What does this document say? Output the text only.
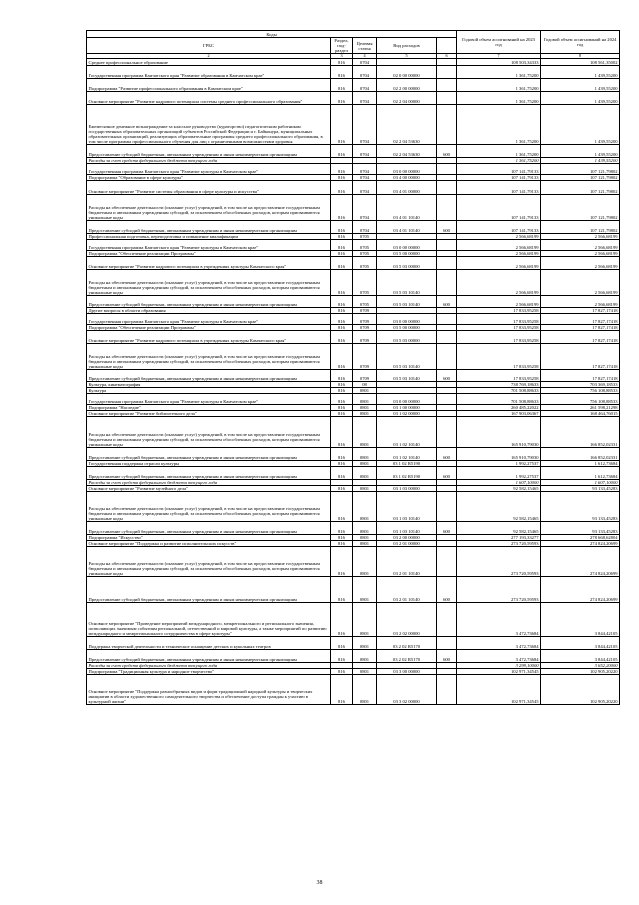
	Коды					Годовой объем ассигнований на 2023 год	Годовой объем ассигнований на 2024 год
ГРБС	Раздел, под-раздел	Целевая статья	Вид расходов			
	2	3	4	5	6	7	8
	Среднее профессиональное образование	816	0704			108 503,34333	108 561,35002
	Государственная программа Камчатского края "Развитие образования в Камчатском крае"	816	0704	02 0 00 00000		1 361,75200	1 439,55200
	Подпрограмма "Развитие профессионального образования в Камчатском крае"	816	0704	02 2 00 00000		1 361,75200	1 439,55200
	Основное мероприятие "Развитие кадрового потенциала системы среднего профессионального образования"	816	0704	02 2 04 00000		1 361,75200	1 439,55200
	Ежемесячное денежное вознаграждение за классное руководство (кураторство) педагогическим работникам государственных образовательных организаций субъектов Российской Федерации и г. Байконура, муниципальных образовательных организаций, реализующих образовательные программы среднего профессионального образования, в том числе программы профессионального обучения для лиц с ограниченными возможностями здоровья	816	0704	02 2 04 53630		1 361,75200	1 439,55200
	Предоставление субсидий бюджетным, автономным учреждениям и иным некоммерческим организациям	816	0704	02 2 04 53630	600	1 361,75200	1 439,55200
	Расходы за счет средств федерального бюджета текущего года					1 361,75200	1 439,55200
	Государственная программа Камчатского края "Развитие культуры в Камчатском крае"	816	0704	03 0 00 00000		107 141,79133	107 121,79802
	Подпрограмма "Образование в сфере культуры"	816	0704	03 4 00 00000		107 141,79133	107 121,79802
	Основное мероприятие "Развитие системы образования в сфере культуры и искусства"	816	0704	03 4 01 00000		107 141,79133	107 121,79802
	Расходы на обеспечение деятельности (оказание услуг) учреждений, в том числе на предоставление государственным бюджетным и автономным учреждениям субсидий, за исключением обособленных расходов, которым присваиваются уникальные коды	816	0704	03 4 01 10140		107 141,79133	107 121,79802
	Предоставление субсидий бюджетным, автономным учреждениям и иным некоммерческим организациям	816	0704	03 4 01 10140	600	107 141,79133	107 121,79802
	Профессиональная подготовка, переподготовка и повышение квалификации	816	0705			2 566,68199	2 566,68199
	Государственная программа Камчатского края "Развитие культуры в Камчатском крае"	816	0705	03 0 00 00000		2 566,68199	2 566,68199
	Подпрограмма "Обеспечение реализации Программы"	816	0705	03 5 00 00000		2 566,68199	2 566,68199
	Основное мероприятие "Развитие кадрового потенциала в учреждениях культуры Камчатского края"	816	0705	03 5 03 00000		2 566,68199	2 566,68199
	Расходы на обеспечение деятельности (оказание услуг) учреждений, в том числе на предоставление государственным бюджетным и автономным учреждениям субсидий, за исключением обособленных расходов, которым присваиваются уникальные коды	816	0705	03 5 03 10140		2 566,68199	2 566,68199
	Предоставление субсидий бюджетным, автономным учреждениям и иным некоммерческим организациям	816	0705	03 5 03 10140	600	2 566,68199	2 566,68199
	Другие вопросы в области образования	816	0709			17 833,95258	17 827,17418
	Государственная программа Камчатского края "Развитие культуры в Камчатском крае"	816	0709	03 0 00 00000		17 833,95258	17 827,17418
	Подпрограмма "Обеспечение реализации Программы"	816	0709	03 5 00 00000		17 833,95258	17 827,17418
	Основное мероприятие "Развитие кадрового потенциала в учреждениях культуры Камчатского края"	816	0709	03 5 03 00000		17 833,95258	17 827,17418
	Расходы на обеспечение деятельности (оказание услуг) учреждений, в том числе на предоставление государственным бюджетным и автономным учреждениям субсидий, за исключением обособленных расходов, которым присваиваются уникальные коды	816	0709	03 5 03 10140		17 833,95258	17 827,17418
	Предоставление субсидий бюджетным, автономным учреждениям и иным некоммерческим организациям	816	0709	03 5 03 10140	600	17 833,95258	17 827,17418
	Культура, кинематография	816	08			738 769,18633	703 369,18533
	Культура	816	0801			701 508,88633	756 108,88533
	Государственная программа Камчатского края "Развитие культуры в Камчатском крае"	816	0801	03 0 00 00000		701 508,88633	756 108,88533
	Подпрограмма "Наследие"	816	0801	03 1 00 00000		260 485,22022	261 598,21298
	Основное мероприятие "Развитие библиотечного дела"	816	0801	03 1 02 00000		167 903,06367	168 464,76015
	Расходы на обеспечение деятельности (оказание услуг) учреждений, в том числе на предоставление государственным бюджетным и автономным учреждениям субсидий, за исключением обособленных расходов, которым присваиваются уникальные коды	816	0801	03 1 02 10140		165 910,79030	166 852,02331
	Предоставление субсидий бюджетным, автономным учреждениям и иным некоммерческим организациям	816	0801	03 1 02 10140	600	165 910,79030	166 852,02331
	Государственная поддержка отрасли культуры	816	0801	03 1 02 R5190		1 992,27537	1 612,73684
	Предоставление субсидий бюджетным, автономным учреждениям и иным некоммерческим организациям	816	0801	03 1 02 R5190	600	1 992,27537	1 612,73684
	Расходы за счет средств федерального бюджета текущего года					1 607,10000	1 607,10000
	Основное мероприятие "Развитие музейного дела"	816	0801	03 1 03 00000		92 582,15465	93 133,45283
	Расходы на обеспечение деятельности (оказание услуг) учреждений, в том числе на предоставление государственным бюджетным и автономным учреждениям субсидий, за исключением обособленных расходов, которым присваиваются уникальные коды	816	0801	03 1 03 10140		92 582,15465	93 133,45283
	Предоставление субсидий бюджетным, автономным учреждениям и иным некоммерческим организациям	816	0801	03 1 03 10140	600	92 582,15465	93 133,45283
	Подпрограмма "Искусство"	816	0801	03 2 00 00000		277 193,33277	278 668,62804
	Основное мероприятие "Поддержка и развитие исполнительских искусств"	816	0801	03 2 01 00000		273 720,59593	274 824,20699
	Расходы на обеспечение деятельности (оказание услуг) учреждений, в том числе на предоставление государственным бюджетным и автономным учреждениям субсидий, за исключением обособленных расходов, которым присваиваются уникальные коды	816	0801	03 2 01 10140		273 720,59593	274 824,20699
	Предоставление субсидий бюджетным, автономным учреждениям и иным некоммерческим организациям	816	0801	03 2 01 10140	600	273 720,59593	274 824,20699
	Основное мероприятие "Проведение мероприятий международного, межрегионального и регионального значения, позволяющих значимым событиям региональной, отечественной и мировой культуры, а также мероприятий по развитию международного и межрегионального сотрудничества в сфере культуры"	816	0801	03 2 02 00000		3 472,73684	3 844,42105
	Поддержка творческой деятельности и техническое оснащение детских и кукольных театров	816	0801	03 2 02 R5170		3 472,73684	3 844,42105
	Предоставление субсидий бюджетным, автономным учреждениям и иным некоммерческим организациям	816	0801	03 2 02 R5170	600	3 472,73684	3 844,42105
	Расходы за счет средств федерального бюджета текущего года					3 299,10000	3 652,20000
	Подпрограмма "Традиционная культура и народное творчество"	816	0801	03 3 00 00000		102 971,34545	102 905,20220
	Основное мероприятие "Поддержка разнообразных видов и форм традиционной народной культуры и творческих инициатив в области художественного самодеятельного творчества и обеспечение доступа граждан к участию в культурной жизни"	816	0801	03 3 02 00000		102 971,34545	102 905,20220
38
